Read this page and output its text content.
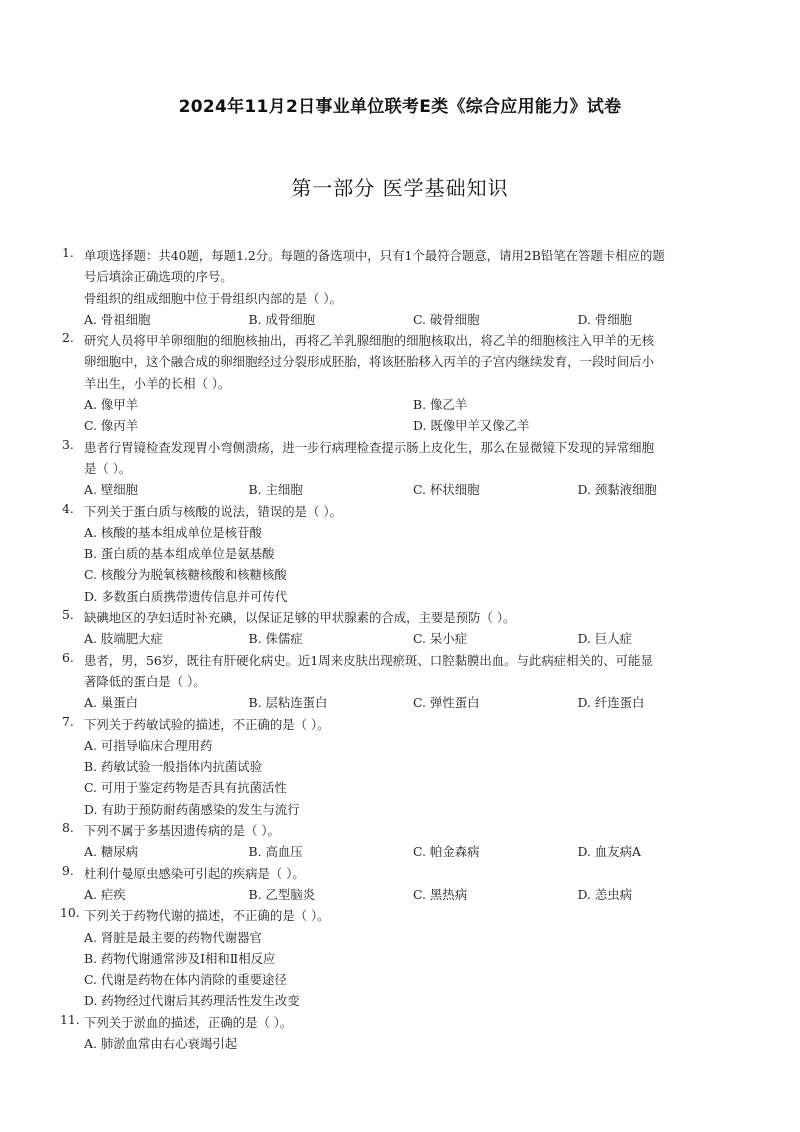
2024年11月2日事业单位联考E类《综合应用能力》试卷
第一部分 医学基础知识
1. 单项选择题：共40题，每题1.2分。每题的备选项中，只有1个最符合题意，请用2B铅笔在答题卡相应的题
号后填涂正确选项的序号。
骨组织的组成细胞中位于骨组织内部的是（ ）。
A. 骨祖细胞	B. 成骨细胞	C. 破骨细胞	D. 骨细胞
2. 研究人员将甲羊卵细胞的细胞核抽出，再将乙羊乳腺细胞的细胞核取出，将乙羊的细胞核注入甲羊的无核
卵细胞中，这个融合成的卵细胞经过分裂形成胚胎，将该胚胎移入丙羊的子宫内继续发育，一段时间后小
羊出生，小羊的长相（ ）。
A. 像甲羊	B. 像乙羊
C. 像丙羊	D. 既像甲羊又像乙羊
3. 患者行胃镜检查发现胃小弯侧溃疡，进一步行病理检查提示肠上皮化生，那么在显微镜下发现的异常细胞
是（ ）。
A. 壁细胞	B. 主细胞	C. 杯状细胞	D. 颈黏液细胞
4. 下列关于蛋白质与核酸的说法，错误的是（ ）。
A. 核酸的基本组成单位是核苷酸
B. 蛋白质的基本组成单位是氨基酸
C. 核酸分为脱氧核糖核酸和核糖核酸
D. 多数蛋白质携带遗传信息并可传代
5. 缺碘地区的孕妇适时补充碘，以保证足够的甲状腺素的合成，主要是预防（ ）。
A. 肢端肥大症	B. 侏儒症	C. 呆小症	D. 巨人症
6. 患者，男，56岁，既往有肝硬化病史。近1周来皮肤出现瘀斑、口腔黏膜出血。与此病症相关的、可能显
著降低的蛋白是（ ）。
A. 巢蛋白	B. 层粘连蛋白	C. 弹性蛋白	D. 纤连蛋白
7. 下列关于药敏试验的描述，不正确的是（ ）。
A. 可指导临床合理用药
B. 药敏试验一般指体内抗菌试验
C. 可用于鉴定药物是否具有抗菌活性
D. 有助于预防耐药菌感染的发生与流行
8. 下列不属于多基因遗传病的是（ ）。
A. 糖尿病	B. 高血压	C. 帕金森病	D. 血友病A
9. 杜利什曼原虫感染可引起的疾病是（ ）。
A. 疟疾	B. 乙型脑炎	C. 黑热病	D. 恙虫病
10. 下列关于药物代谢的描述，不正确的是（ ）。
A. 肾脏是最主要的药物代谢器官
B. 药物代谢通常涉及Ⅰ相和Ⅱ相反应
C. 代谢是药物在体内消除的重要途径
D. 药物经过代谢后其药理活性发生改变
11. 下列关于淤血的描述，正确的是（ ）。
A. 肺淤血常由右心衰竭引起
